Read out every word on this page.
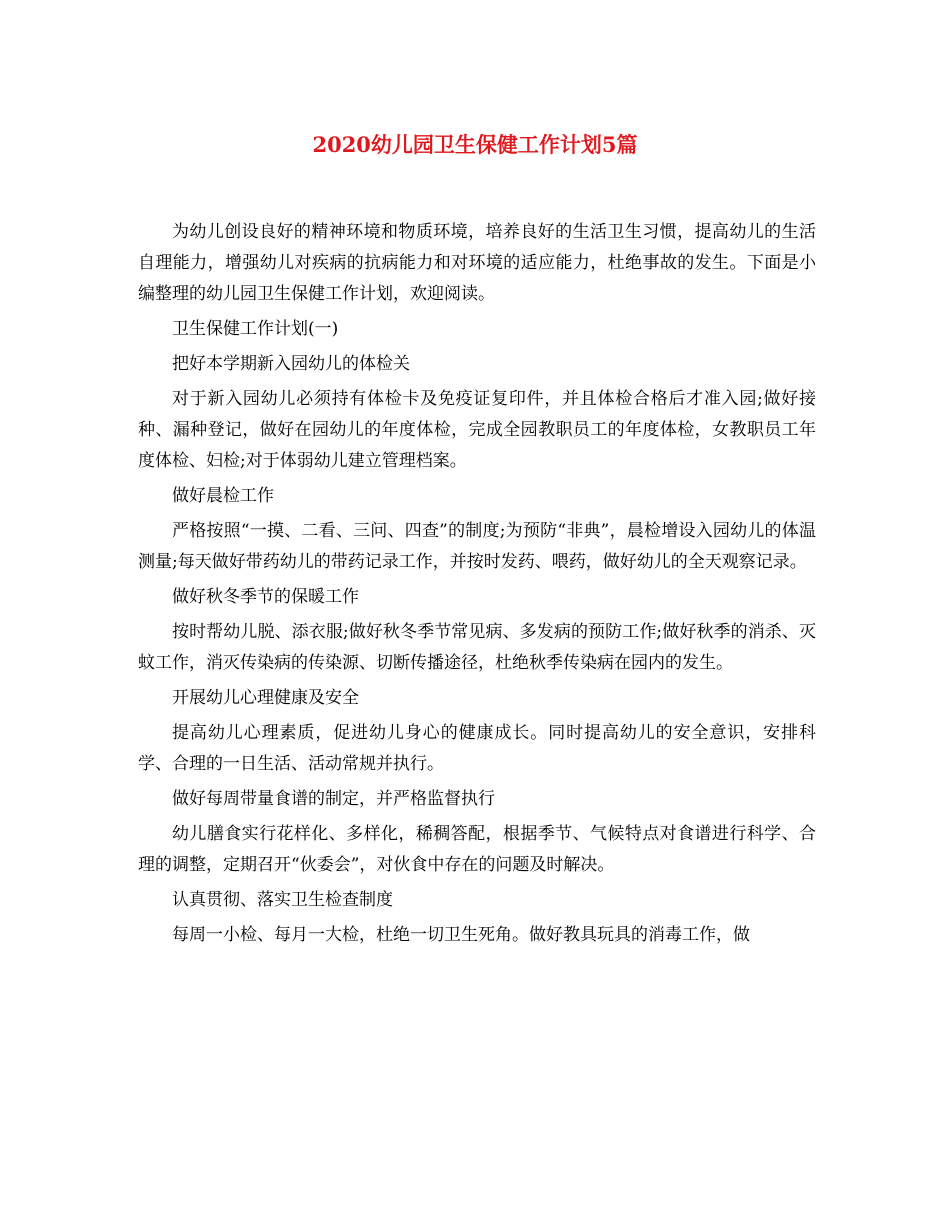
2020幼儿园卫生保健工作计划5篇

为幼儿创设良好的精神环境和物质环境，培养良好的生活卫生习惯，提高幼儿的生活自理能力，增强幼儿对疾病的抗病能力和对环境的适应能力，杜绝事故的发生。下面是小编整理的幼儿园卫生保健工作计划，欢迎阅读。

卫生保健工作计划(一)

把好本学期新入园幼儿的体检关

对于新入园幼儿必须持有体检卡及免疫证复印件，并且体检合格后才准入园;做好接种、漏种登记，做好在园幼儿的年度体检，完成全园教职员工的年度体检，女教职员工年度体检、妇检;对于体弱幼儿建立管理档案。

做好晨检工作

严格按照“一摸、二看、三问、四查”的制度;为预防“非典”，晨检增设入园幼儿的体温测量;每天做好带药幼儿的带药记录工作，并按时发药、喂药，做好幼儿的全天观察记录。

做好秋冬季节的保暖工作

按时帮幼儿脱、添衣服;做好秋冬季节常见病、多发病的预防工作;做好秋季的消杀、灭蚊工作，消灭传染病的传染源、切断传播途径，杜绝秋季传染病在园内的发生。

开展幼儿心理健康及安全

提高幼儿心理素质，促进幼儿身心的健康成长。同时提高幼儿的安全意识，安排科学、合理的一日生活、活动常规并执行。

做好每周带量食谱的制定，并严格监督执行

幼儿膳食实行花样化、多样化，稀稠答配，根据季节、气候特点对食谱进行科学、合理的调整，定期召开“伙委会”，对伙食中存在的问题及时解决。

认真贯彻、落实卫生检查制度

每周一小检、每月一大检，杜绝一切卫生死角。做好教具玩具的消毒工作，做
